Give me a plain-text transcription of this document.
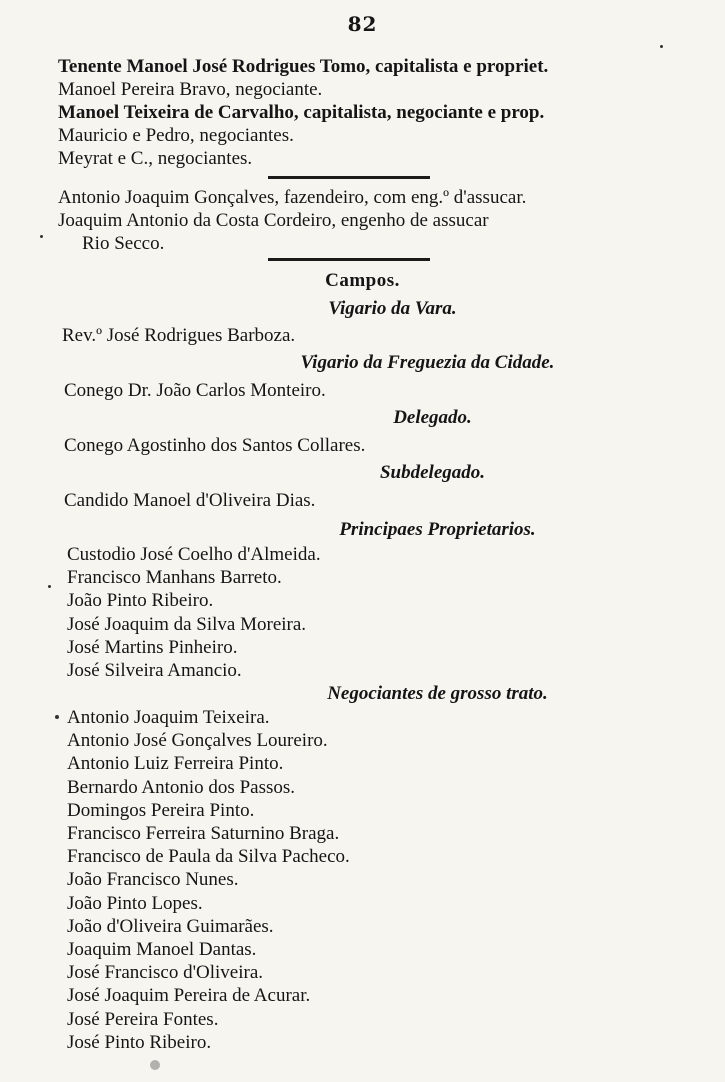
82
Tenente Manoel José Rodrigues Tomo, capitalista e propriet.
Manoel Pereira Bravo, negociante.
Manoel Teixeira de Carvalho, capitalista, negociante e prop.
Mauricio e Pedro, negociantes.
Meyrat e C., negociantes.
Antonio Joaquim Gonçalves, fazendeiro, com eng.º d'assucar.
Joaquim Antonio da Costa Cordeiro, engenho de assucar
Rio Secco.
Campos.
Vigario da Vara.
Rev.º José Rodrigues Barboza.
Vigario da Freguezia da Cidade.
Conego Dr. João Carlos Monteiro.
Delegado.
Conego Agostinho dos Santos Collares.
Subdelegado.
Candido Manoel d'Oliveira Dias.
Principaes Proprietarios.
Custodio José Coelho d'Almeida.
Francisco Manhans Barreto.
João Pinto Ribeiro.
José Joaquim da Silva Moreira.
José Martins Pinheiro.
José Silveira Amancio.
Negociantes de grosso trato.
Antonio Joaquim Teixeira.
Antonio José Gonçalves Loureiro.
Antonio Luiz Ferreira Pinto.
Bernardo Antonio dos Passos.
Domingos Pereira Pinto.
Francisco Ferreira Saturnino Braga.
Francisco de Paula da Silva Pacheco.
João Francisco Nunes.
João Pinto Lopes.
João d'Oliveira Guimarães.
Joaquim Manoel Dantas.
José Francisco d'Oliveira.
José Joaquim Pereira de Acurar.
José Pereira Fontes.
José Pinto Ribeiro.
